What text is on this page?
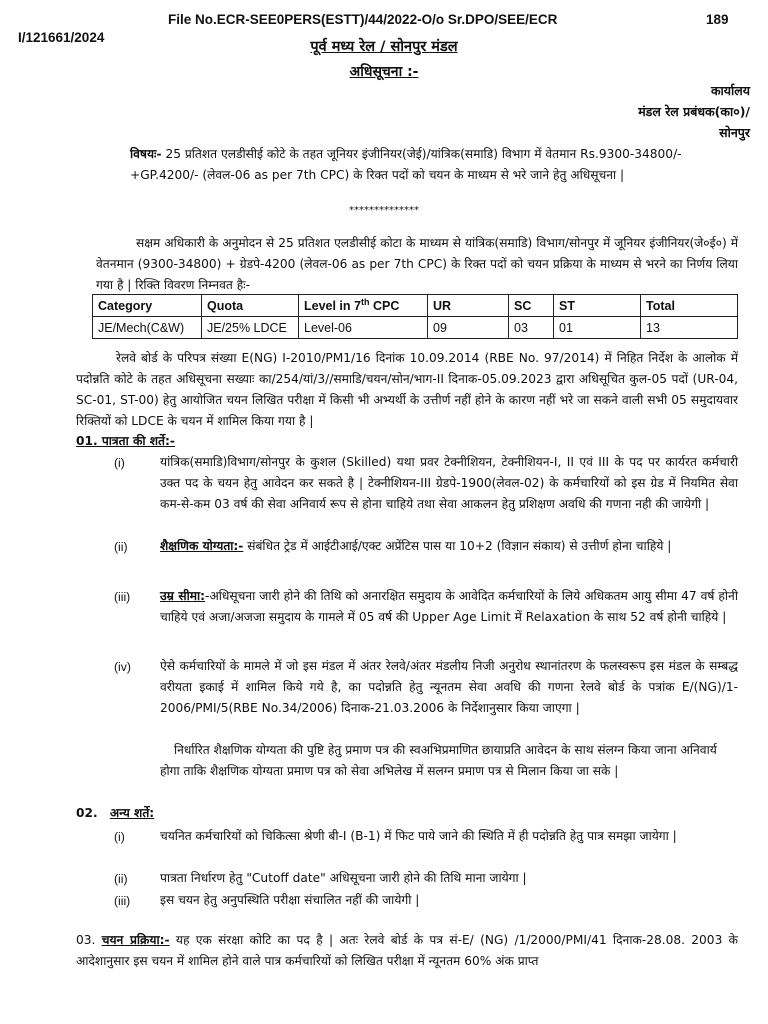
File No.ECR-SEE0PERS(ESTT)/44/2022-O/o Sr.DPO/SEE/ECR	189
I/121661/2024
पूर्व मध्य रेल / सोनपुर मंडल
अधिसूचना :-
कार्यालय
मंडल रेल प्रबंधक(का०)/
सोनपुर
विषयः- 25 प्रतिशत एलडीसीई कोटे के तहत जूनियर इंजीनियर(जेई)/यांत्रिक(समाडि) विभाग में वेतमान Rs.9300-34800/- +GP.4200/- (लेवल-06 as per 7th CPC) के रिक्त पदों को चयन के माध्यम से भरे जाने हेतु अधिसूचना |
**************
सक्षम अधिकारी के अनुमोदन से 25 प्रतिशत एलडीसीई कोटा के माध्यम से यांत्रिक(समाडि) विभाग/सोनपुर में जूनियर इंजीनियर(जे०ई०) में वेतनमान (9300-34800) + ग्रेडपे-4200 (लेवल-06 as per 7th CPC) के रिक्त पदों को चयन प्रक्रिया के माध्यम से भरने का निर्णय लिया गया है | रिक्ति विवरण निम्नवत हैः-
Category	Quota	Level in 7th CPC	UR	SC	ST	Total
JE/Mech(C&W)	JE/25% LDCE	Level-06	09	03	01	13
रेलवे बोर्ड के परिपत्र संख्या E(NG) I-2010/PM1/16 दिनांक 10.09.2014 (RBE No. 97/2014) में निहित निर्देश के आलोक में पदोन्नति कोटे के तहत अधिसूचना सख्याः का/254/यां/3//समाडि/चयन/सोन/भाग-II दिनाक-05.09.2023 द्वारा अधिसूचित कुल-05 पदों (UR-04, SC-01, ST-00) हेतु आयोजित चयन लिखित परीक्षा में किसी भी अभ्यर्थी के उत्तीर्ण नहीं होने के कारण नहीं भरे जा सकने वाली सभी 05 समुदायवार रिक्तियों को LDCE के चयन में शामिल किया गया है |
01. पात्रता की शर्ते:-
(i)	यांत्रिक(समाडि)विभाग/सोनपुर के कुशल (Skilled) यथा प्रवर टेक्नीशियन, टेक्नीशियन-I, II एवं III के पद पर कार्यरत कर्मचारी उक्त पद के चयन हेतु आवेदन कर सकते है | टेक्नीशियन-III ग्रेडपे-1900(लेवल-02) के कर्मचारियों को इस ग्रेड में नियमित सेवा कम-से-कम 03 वर्ष की सेवा अनिवार्य रूप से होना चाहिये तथा सेवा आकलन हेतु प्रशिक्षण अवधि की गणना नही की जायेगी |
(ii)	शैक्षणिक योग्यता:- संबंधित ट्रेड में आईटीआई/एक्ट अप्रेंटिस पास या 10+2 (विज्ञान संकाय) से उत्तीर्ण होना चाहिये |
(iii) उम्र सीमा:-अधिसूचना जारी होने की तिथि को अनारक्षित समुदाय के आवेदित कर्मचारियों के लिये अधिकतम आयु सीमा 47 वर्ष होनी चाहिये एवं अजा/अजजा समुदाय के गामले में 05 वर्ष की Upper Age Limit में Relaxation के साथ 52 वर्ष होनी चाहिये |
(iv) ऐसे कर्मचारियों के मामले में जो इस मंडल में अंतर रेलवे/अंतर मंडलीय निजी अनुरोध स्थानांतरण के फलस्वरूप इस मंडल के सम्बद्ध वरीयता इकाई में शामिल किये गये है, का पदोन्नति हेतु न्यूनतम सेवा अवधि की गणना रेलवे बोर्ड के पत्रांक E/(NG)/1-2006/PMI/5(RBE No.34/2006) दिनाक-21.03.2006 के निर्देशानुसार किया जाएगा |
निर्धारित शैक्षणिक योग्यता की पुष्टि हेतु प्रमाण पत्र की स्वअभिप्रमाणित छायाप्रति आवेदन के साथ संलग्न किया जाना अनिवार्य होगा ताकि शैक्षणिक योग्यता प्रमाण पत्र को सेवा अभिलेख में सलग्न प्रमाण पत्र से मिलान किया जा सके |
02. अन्य शर्ते:
(i)	चयनित कर्मचारियों को चिकित्सा श्रेणी बी-I (B-1) में फिट पाये जाने की स्थिति में ही पदोन्नति हेतु पात्र समझा जायेगा |
(ii)	पात्रता निर्धारण हेतु "Cutoff date" अधिसूचना जारी होने की तिथि माना जायेगा |
(iii) इस चयन हेतु अनुपस्थिति परीक्षा संचालित नहीं की जायेगी |
03. चयन प्रक्रिया:- यह एक संरक्षा कोटि का पद है | अतः रेलवे बोर्ड के पत्र सं-E/ (NG) /1/2000/PMI/41 दिनाक-28.08. 2003 के आदेशानुसार इस चयन में शामिल होने वाले पात्र कर्मचारियों को लिखित परीक्षा में न्यूनतम 60% अंक प्राप्त
